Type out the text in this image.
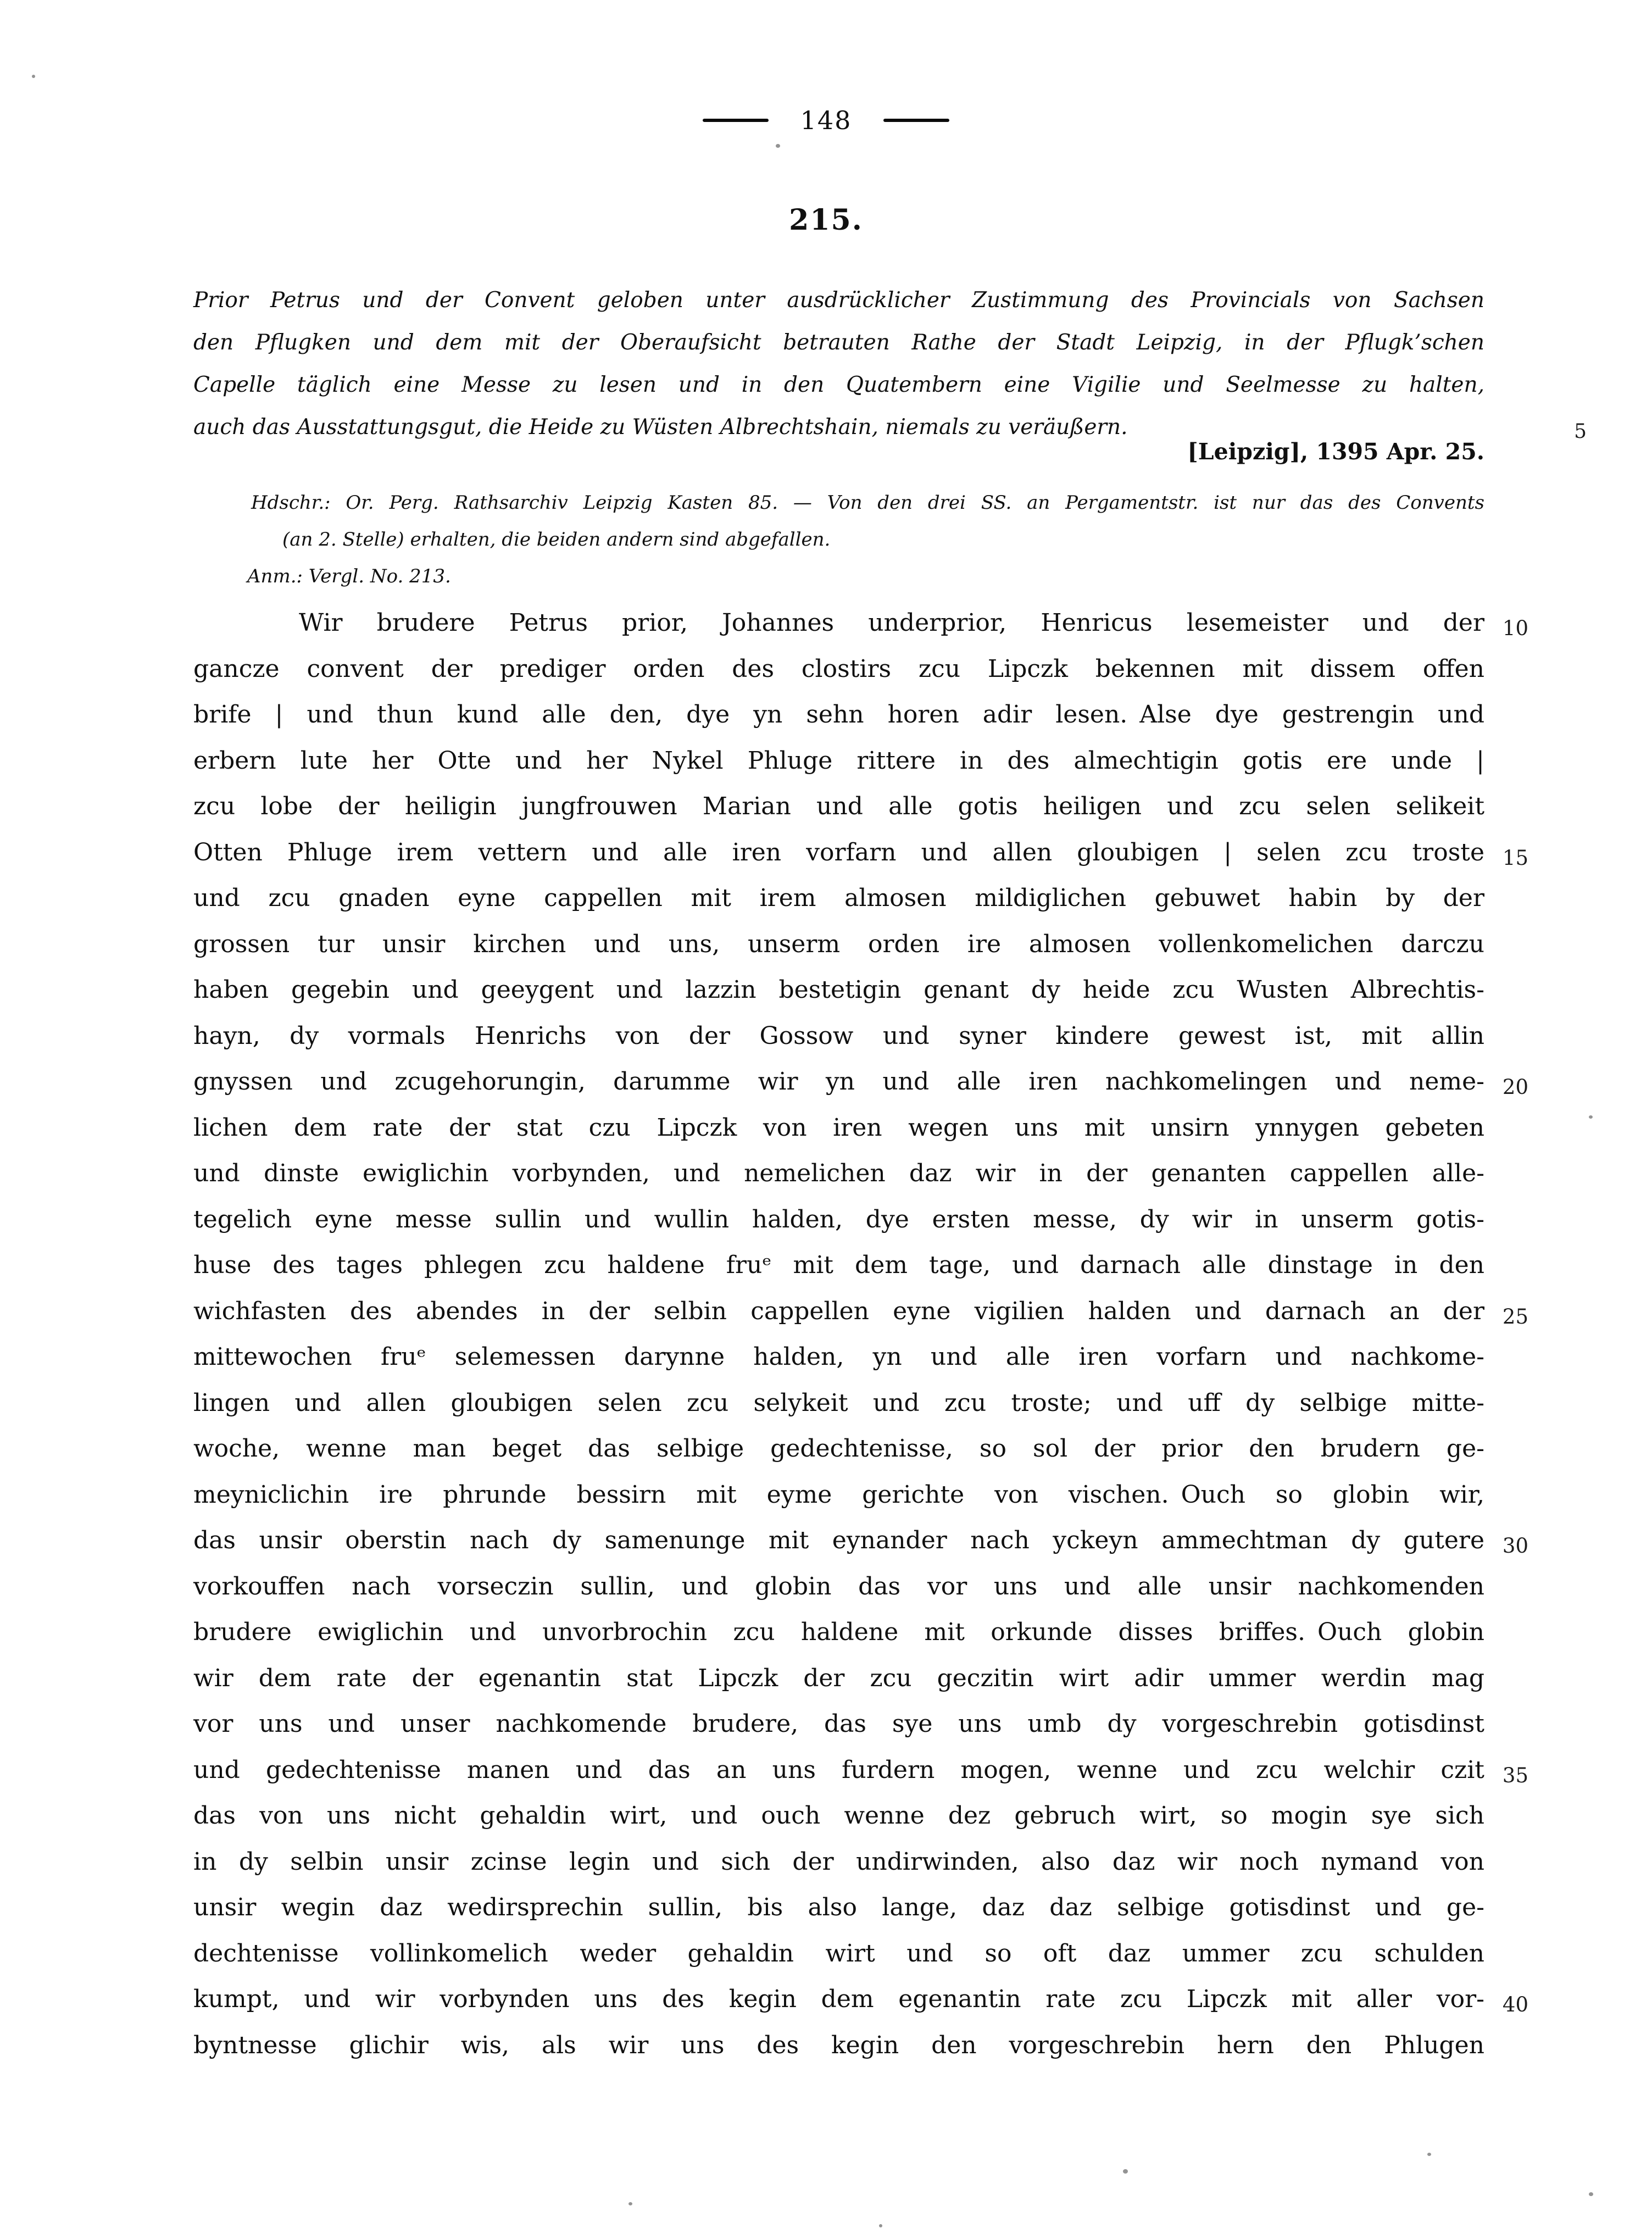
148
215.
Prior Petrus und der Convent geloben unter ausdrücklicher Zustimmung des Provincials von Sachsen
den Pflugken und dem mit der Oberaufsicht betrauten Rathe der Stadt Leipzig, in der Pflugk’schen
Capelle täglich eine Messe zu lesen und in den Quatembern eine Vigilie und Seelmesse zu halten,
auch das Ausstattungsgut, die Heide zu Wüsten Albrechtshain, niemals zu veräußern.	5
[Leipzig], 1395 Apr. 25.
Hdschr.: Or. Perg. Rathsarchiv Leipzig Kasten 85. — Von den drei SS. an Pergamentstr. ist nur das des Convents
(an 2. Stelle) erhalten, die beiden andern sind abgefallen.
Anm.: Vergl. No. 213.
Wir brudere Petrus prior, Johannes underprior, Henricus lesemeister und der 10
gancze convent der prediger orden des clostirs zcu Lipczk bekennen mit dissem offen
brife | und thun kund alle den, dye yn sehn horen adir lesen. Alse dye gestrengin und
erbern lute her Otte und her Nykel Phluge rittere in des almechtigin gotis ere unde |
zcu lobe der heiligin jungfrouwen Marian und alle gotis heiligen und zcu selen selikeit
Otten Phluge irem vettern und alle iren vorfarn und allen gloubigen | selen zcu troste 15
und zcu gnaden eyne cappellen mit irem almosen mildiglichen gebuwet habin by der
grossen tur unsir kirchen und uns, unserm orden ire almosen vollenkomelichen darczu
haben gegebin und geeygent und lazzin bestetigin genant dy heide zcu Wusten Albrechtis-
hayn, dy vormals Henrichs von der Gossow und syner kindere gewest ist, mit allin
gnyssen und zcugehorungin, darumme wir yn und alle iren nachkomelingen und neme- 20
lichen dem rate der stat czu Lipczk von iren wegen uns mit unsirn ynnygen gebeten
und dinste ewiglichin vorbynden, und nemelichen daz wir in der genanten cappellen alle-
tegelich eyne messe sullin und wullin halden, dye ersten messe, dy wir in unserm gotis-
huse des tages phlegen zcu haldene fruᵉ mit dem tage, und darnach alle dinstage in den
wichfasten des abendes in der selbin cappellen eyne vigilien halden und darnach an der 25
mittewochen fruᵉ selemessen darynne halden, yn und alle iren vorfarn und nachkome-
lingen und allen gloubigen selen zcu selykeit und zcu troste; und uff dy selbige mitte-
woche, wenne man beget das selbige gedechtenisse, so sol der prior den brudern ge-
meyniclichin ire phrunde bessirn mit eyme gerichte von vischen. Ouch so globin wir,
das unsir oberstin nach dy samenunge mit eynander nach yckeyn ammechtman dy gutere 30
vorkouffen nach vorseczin sullin, und globin das vor uns und alle unsir nachkomenden
brudere ewiglichin und unvorbrochin zcu haldene mit orkunde disses briffes. Ouch globin
wir dem rate der egenantin stat Lipczk der zcu geczitin wirt adir ummer werdin mag
vor uns und unser nachkomende brudere, das sye uns umb dy vorgeschrebin gotisdinst
und gedechtenisse manen und das an uns furdern mogen, wenne und zcu welchir czit 35
das von uns nicht gehaldin wirt, und ouch wenne dez gebruch wirt, so mogin sye sich
in dy selbin unsir zcinse legin und sich der undirwinden, also daz wir noch nymand von
unsir wegin daz wedirsprechin sullin, bis also lange, daz daz selbige gotisdinst und ge-
dechtenisse vollinkomelich weder gehaldin wirt und so oft daz ummer zcu schulden
kumpt, und wir vorbynden uns des kegin dem egenantin rate zcu Lipczk mit aller vor- 40
byntnesse glichir wis, als wir uns des kegin den vorgeschrebin hern den Phlugen
